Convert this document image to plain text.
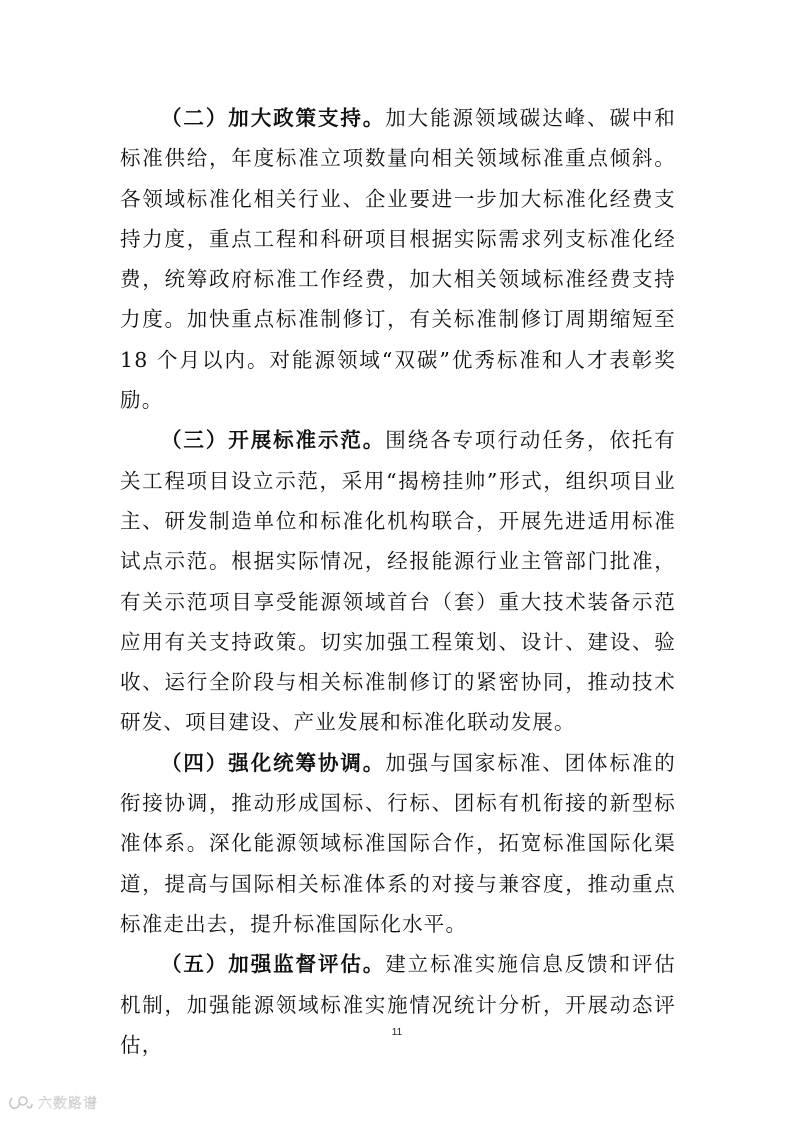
（二）加大政策支持。加大能源领域碳达峰、碳中和标准供给，年度标准立项数量向相关领域标准重点倾斜。各领域标准化相关行业、企业要进一步加大标准化经费支持力度，重点工程和科研项目根据实际需求列支标准化经费，统筹政府标准工作经费，加大相关领域标准经费支持力度。加快重点标准制修订，有关标准制修订周期缩短至 18 个月以内。对能源领域“双碳”优秀标准和人才表彰奖励。

（三）开展标准示范。围绕各专项行动任务，依托有关工程项目设立示范，采用“揭榜挂帅”形式，组织项目业主、研发制造单位和标准化机构联合，开展先进适用标准试点示范。根据实际情况，经报能源行业主管部门批准，有关示范项目享受能源领域首台（套）重大技术装备示范应用有关支持政策。切实加强工程策划、设计、建设、验收、运行全阶段与相关标准制修订的紧密协同，推动技术研发、项目建设、产业发展和标准化联动发展。

（四）强化统筹协调。加强与国家标准、团体标准的衔接协调，推动形成国标、行标、团标有机衔接的新型标准体系。深化能源领域标准国际合作，拓宽标准国际化渠道，提高与国际相关标准体系的对接与兼容度，推动重点标准走出去，提升标准国际化水平。

（五）加强监督评估。建立标准实施信息反馈和评估机制，加强能源领域标准实施情况统计分析，开展动态评估，

11
六数路谱
